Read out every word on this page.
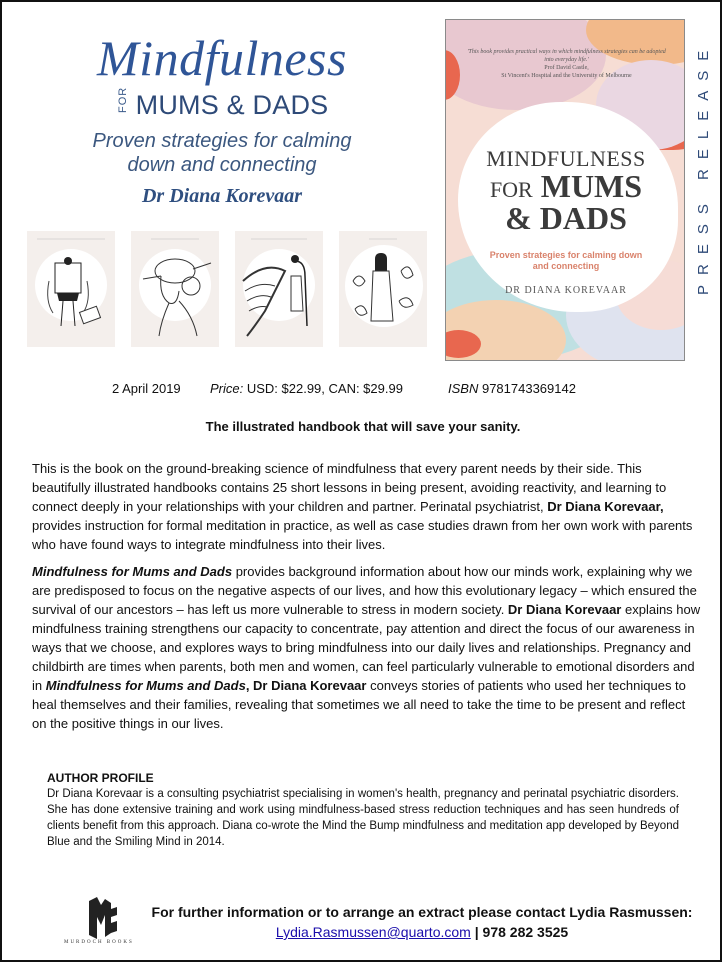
Mindfulness
FOR MUMS & DADS
Proven strategies for calming
down and connecting
Dr Diana Korevaar
'This book provides practical ways in which mindfulness strategies can be adopted into everyday life.'
Prof David Castle,
St Vincent's Hospital and the University of Melbourne
MINDFULNESS
FOR MUMS
& DADS
Proven strategies for calming down
and connecting
DR DIANA KOREVAAR	PRESS RELEASE
2 April 2019	Price: USD: $22.99, CAN: $29.99	ISBN 9781743369142
The illustrated handbook that will save your sanity.

This is the book on the ground-breaking science of mindfulness that every parent needs by their side. This beautifully illustrated handbooks contains 25 short lessons in being present, avoiding reactivity, and learning to connect deeply in your relationships with your children and partner. Perinatal psychiatrist, Dr Diana Korevaar, provides instruction for formal meditation in practice, as well as case studies drawn from her own work with parents who have found ways to integrate mindfulness into their lives.

Mindfulness for Mums and Dads provides background information about how our minds work, explaining why we are predisposed to focus on the negative aspects of our lives, and how this evolutionary legacy – which ensured the survival of our ancestors – has left us more vulnerable to stress in modern society. Dr Diana Korevaar explains how mindfulness training strengthens our capacity to concentrate, pay attention and direct the focus of our awareness in ways that we choose, and explores ways to bring mindfulness into our daily lives and relationships. Pregnancy and childbirth are times when parents, both men and women, can feel particularly vulnerable to emotional disorders and in Mindfulness for Mums and Dads, Dr Diana Korevaar conveys stories of patients who used her techniques to heal themselves and their families, revealing that sometimes we all need to take the time to be present and reflect on the positive things in our lives.

AUTHOR PROFILE
Dr Diana Korevaar is a consulting psychiatrist specialising in women's health, pregnancy and perinatal psychiatric disorders. She has done extensive training and work using mindfulness-based stress reduction techniques and has seen hundreds of clients benefit from this approach. Diana co-wrote the Mind the Bump mindfulness and meditation app developed by Beyond Blue and the Smiling Mind in 2014.
MURDOCH BOOKS
For further information or to arrange an extract please contact Lydia Rasmussen:
Lydia.Rasmussen@quarto.com | 978 282 3525
